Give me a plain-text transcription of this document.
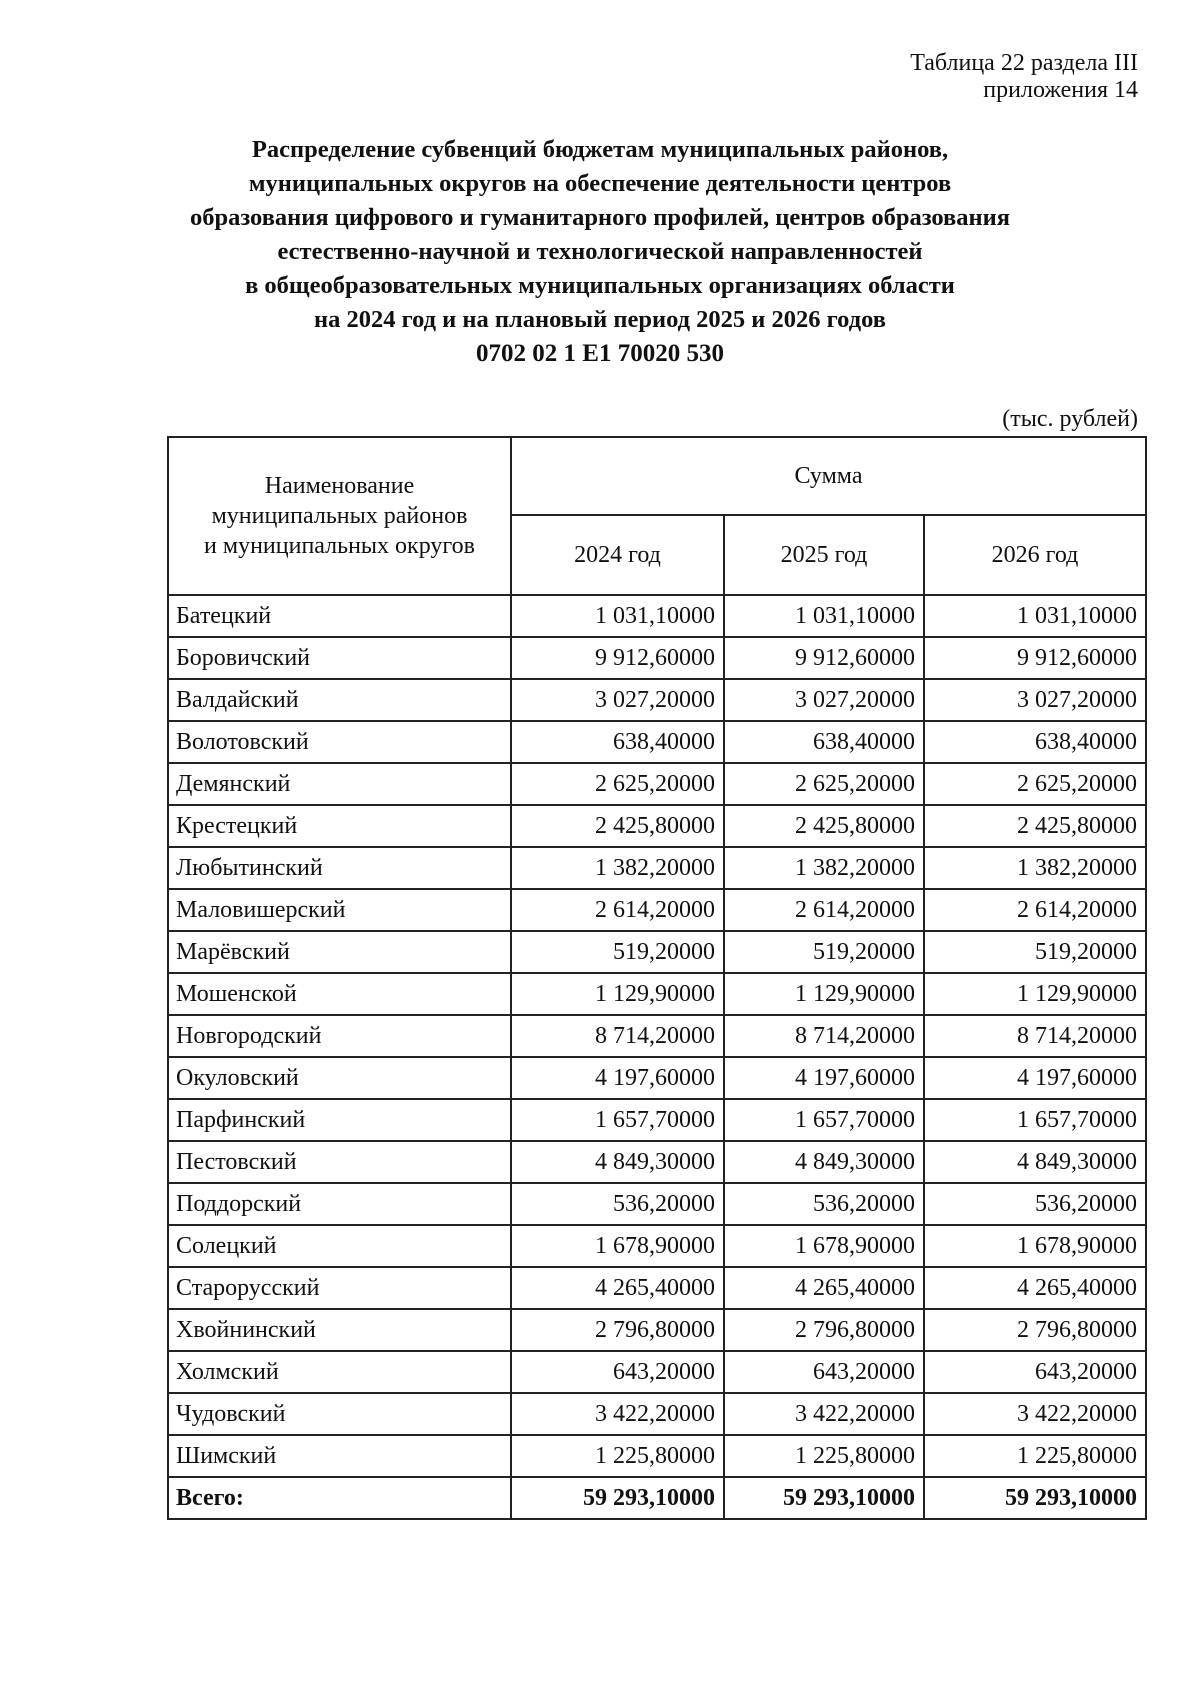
Таблица 22 раздела III
приложения 14
Распределение субвенций бюджетам муниципальных районов,
муниципальных округов на обеспечение деятельности центров
образования цифрового и гуманитарного профилей, центров образования
естественно-научной и технологической направленностей
в общеобразовательных муниципальных организациях области
на 2024 год и на плановый период 2025 и 2026 годов
0702 02 1 E1 70020 530
(тыс. рублей)
Наименование
муниципальных районов
и муниципальных округов	Сумма		
	2024 год	2025 год	2026 год
Батецкий	1 031,10000	1 031,10000	1 031,10000
Боровичский	9 912,60000	9 912,60000	9 912,60000
Валдайский	3 027,20000	3 027,20000	3 027,20000
Волотовский	638,40000	638,40000	638,40000
Демянский	2 625,20000	2 625,20000	2 625,20000
Крестецкий	2 425,80000	2 425,80000	2 425,80000
Любытинский	1 382,20000	1 382,20000	1 382,20000
Маловишерский	2 614,20000	2 614,20000	2 614,20000
Марёвский	519,20000	519,20000	519,20000
Мошенской	1 129,90000	1 129,90000	1 129,90000
Новгородский	8 714,20000	8 714,20000	8 714,20000
Окуловский	4 197,60000	4 197,60000	4 197,60000
Парфинский	1 657,70000	1 657,70000	1 657,70000
Пестовский	4 849,30000	4 849,30000	4 849,30000
Поддорский	536,20000	536,20000	536,20000
Солецкий	1 678,90000	1 678,90000	1 678,90000
Старорусский	4 265,40000	4 265,40000	4 265,40000
Хвойнинский	2 796,80000	2 796,80000	2 796,80000
Холмский	643,20000	643,20000	643,20000
Чудовский	3 422,20000	3 422,20000	3 422,20000
Шимский	1 225,80000	1 225,80000	1 225,80000
Всего:	59 293,10000	59 293,10000	59 293,10000
